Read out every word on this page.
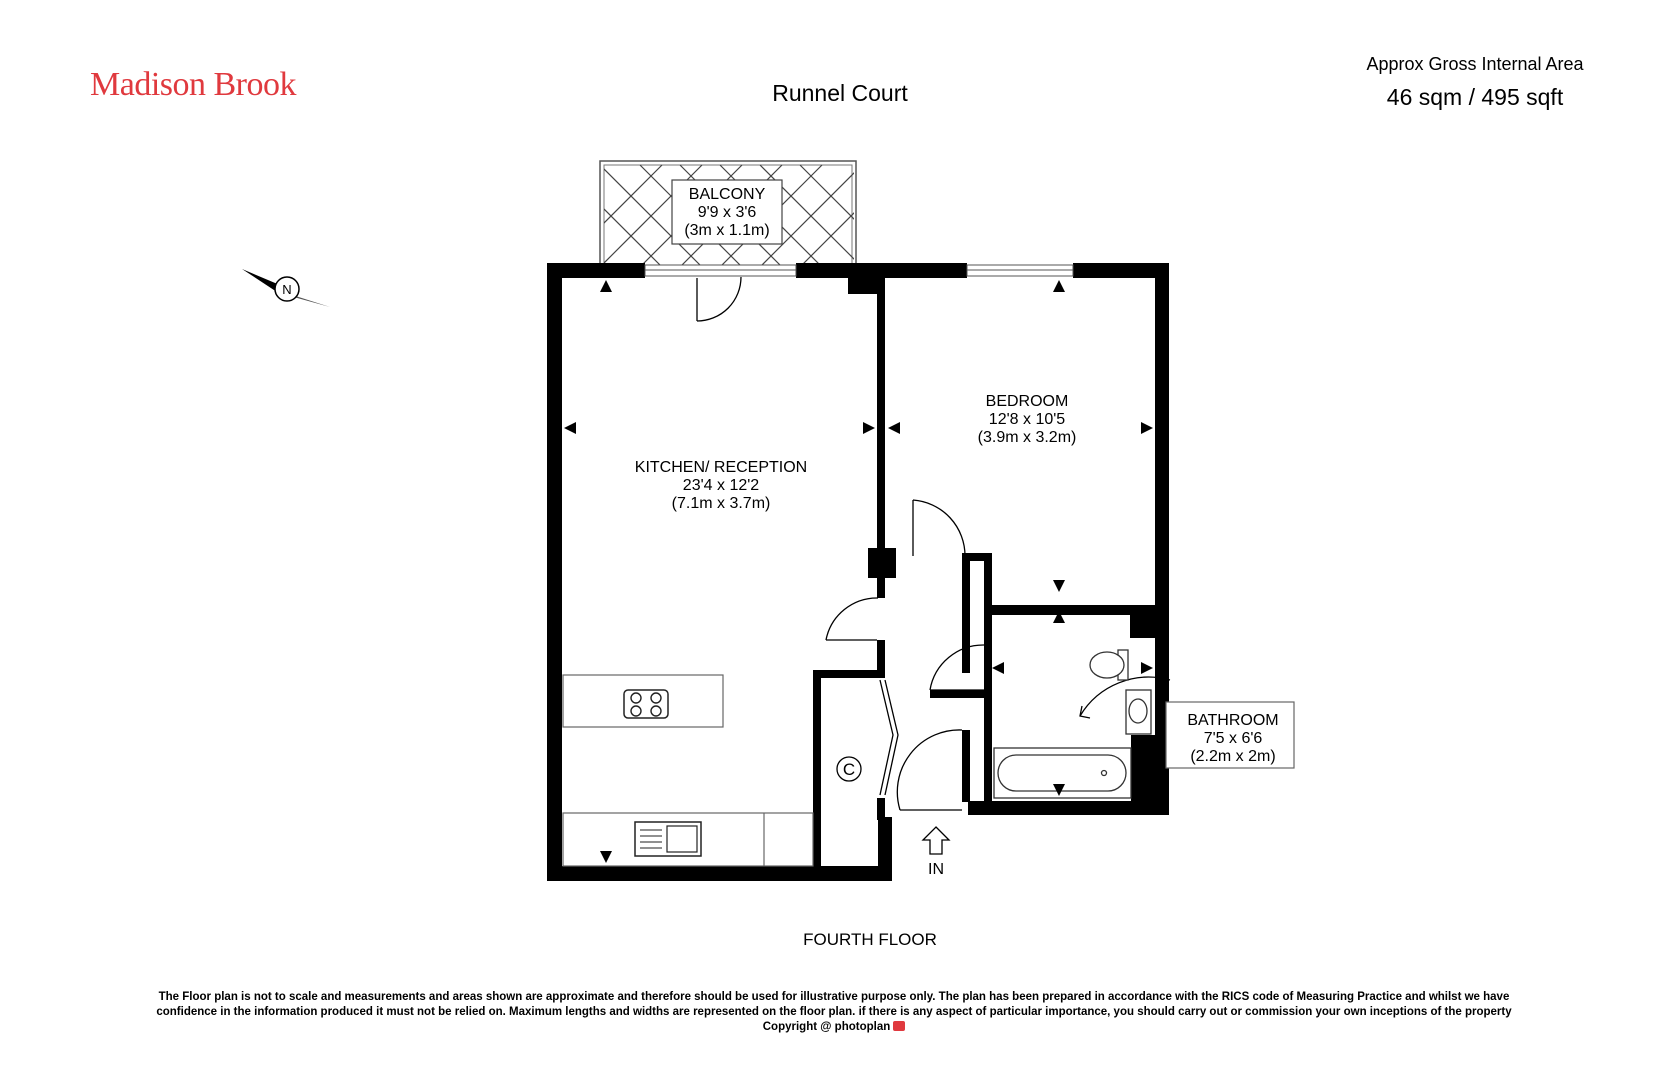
Madison Brook	Runnel Court
Approx Gross Internal Area
46 sqm / 495 sqft
N
C
IN
BALCONY
9'9 x 3'6
(3m x 1.1m)
KITCHEN/ RECEPTION
23'4 x 12'2
(7.1m x 3.7m)
BEDROOM
12'8 x 10'5
(3.9m x 3.2m)
BATHROOM
7'5 x 6'6
(2.2m x 2m)
FOURTH FLOOR
The Floor plan is not to scale and measurements and areas shown are approximate and therefore should be used for illustrative purpose only. The plan has been prepared in accordance with the RICS code of Measuring Practice and whilst we have
confidence in the information produced it must not be relied on. Maximum lengths and widths are represented on the floor plan. if there is any aspect of particular importance, you should carry out or commission your own inceptions of the property
Copyright @ photoplan
